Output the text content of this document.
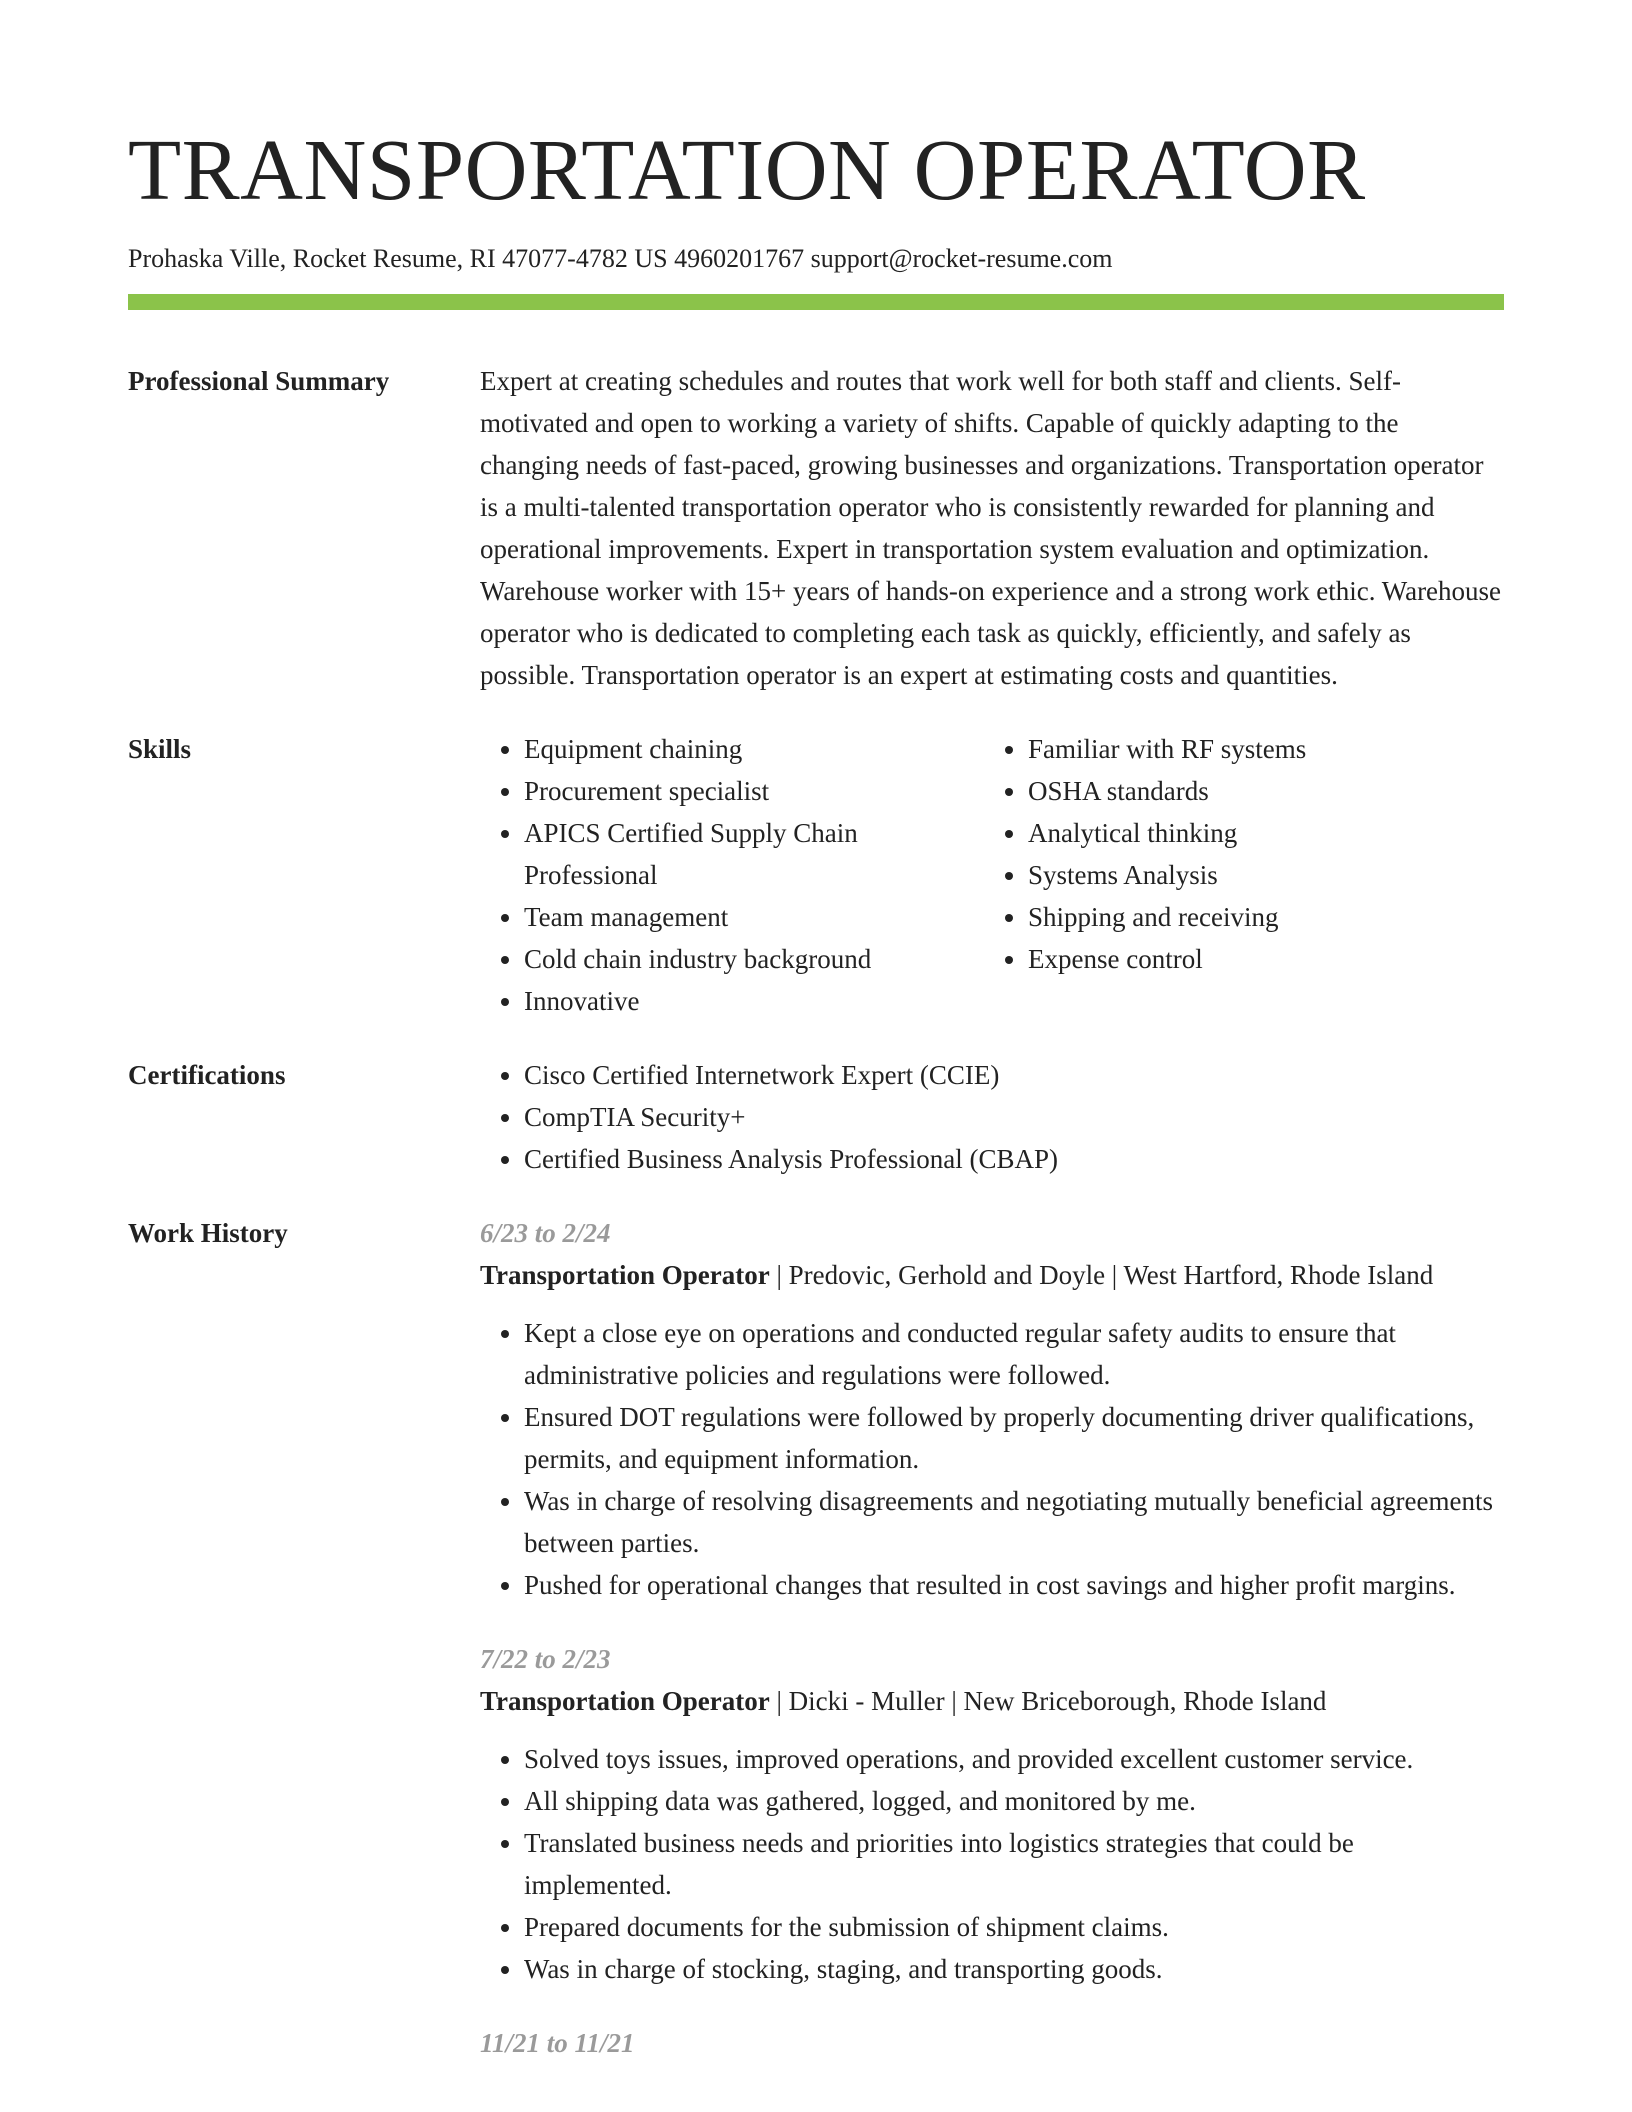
TRANSPORTATION OPERATOR
Prohaska Ville, Rocket Resume, RI 47077-4782 US 4960201767 support@rocket-resume.com
Professional Summary	Expert at creating schedules and routes that work well for both staff and clients. Self-motivated and open to working a variety of shifts. Capable of quickly adapting to the changing needs of fast-paced, growing businesses and organizations. Transportation operator is a multi-talented transportation operator who is consistently rewarded for planning and operational improvements. Expert in transportation system evaluation and optimization. Warehouse worker with 15+ years of hands-on experience and a strong work ethic. Warehouse operator who is dedicated to completing each task as quickly, efficiently, and safely as possible. Transportation operator is an expert at estimating costs and quantities.
Skills	• Equipment chaining
• Procurement specialist
• APICS Certified Supply Chain Professional
• Team management
• Cold chain industry background
• Innovative
• Familiar with RF systems
• OSHA standards
• Analytical thinking
• Systems Analysis
• Shipping and receiving
• Expense control
Certifications	• Cisco Certified Internetwork Expert (CCIE)
• CompTIA Security+
• Certified Business Analysis Professional (CBAP)
Work History	6/23 to 2/24
Transportation Operator | Predovic, Gerhold and Doyle | West Hartford, Rhode Island
• Kept a close eye on operations and conducted regular safety audits to ensure that administrative policies and regulations were followed.
• Ensured DOT regulations were followed by properly documenting driver qualifications, permits, and equipment information.
• Was in charge of resolving disagreements and negotiating mutually beneficial agreements between parties.
• Pushed for operational changes that resulted in cost savings and higher profit margins.
7/22 to 2/23
Transportation Operator | Dicki - Muller | New Briceborough, Rhode Island
• Solved toys issues, improved operations, and provided excellent customer service.
• All shipping data was gathered, logged, and monitored by me.
• Translated business needs and priorities into logistics strategies that could be implemented.
• Prepared documents for the submission of shipment claims.
• Was in charge of stocking, staging, and transporting goods.
11/21 to 11/21
